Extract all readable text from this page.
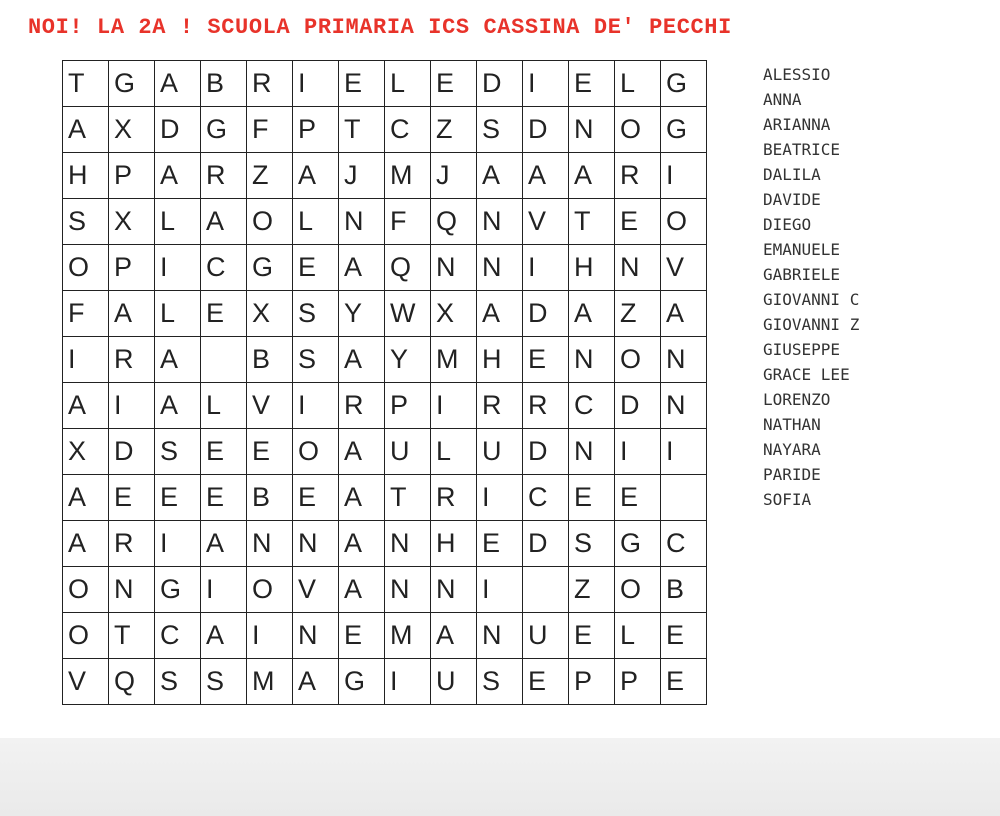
NOI! LA 2A ! SCUOLA PRIMARIA ICS CASSINA DE' PECCHI
T	G	A	B	R	I	E	L	E	D	I	E	L	G
A	X	D	G	F	P	T	C	Z	S	D	N	O	G
H	P	A	R	Z	A	J	M	J	A	A	A	R	I
S	X	L	A	O	L	N	F	Q	N	V	T	E	O
O	P	I	C	G	E	A	Q	N	N	I	H	N	V
F	A	L	E	X	S	Y	W	X	A	D	A	Z	A
I	R	A		B	S	A	Y	M	H	E	N	O	N
A	I	A	L	V	I	R	P	I	R	R	C	D	N
X	D	S	E	E	O	A	U	L	U	D	N	I	I
A	E	E	E	B	E	A	T	R	I	C	E	E	
A	R	I	A	N	N	A	N	H	E	D	S	G	C
O	N	G	I	O	V	A	N	N	I		Z	O	B
O	T	C	A	I	N	E	M	A	N	U	E	L	E
V	Q	S	S	M	A	G	I	U	S	E	P	P	E
ALESSIO
ANNA
ARIANNA
BEATRICE
DALILA
DAVIDE
DIEGO
EMANUELE
GABRIELE
GIOVANNI C
GIOVANNI Z
GIUSEPPE
GRACE LEE
LORENZO
NATHAN
NAYARA
PARIDE
SOFIA
